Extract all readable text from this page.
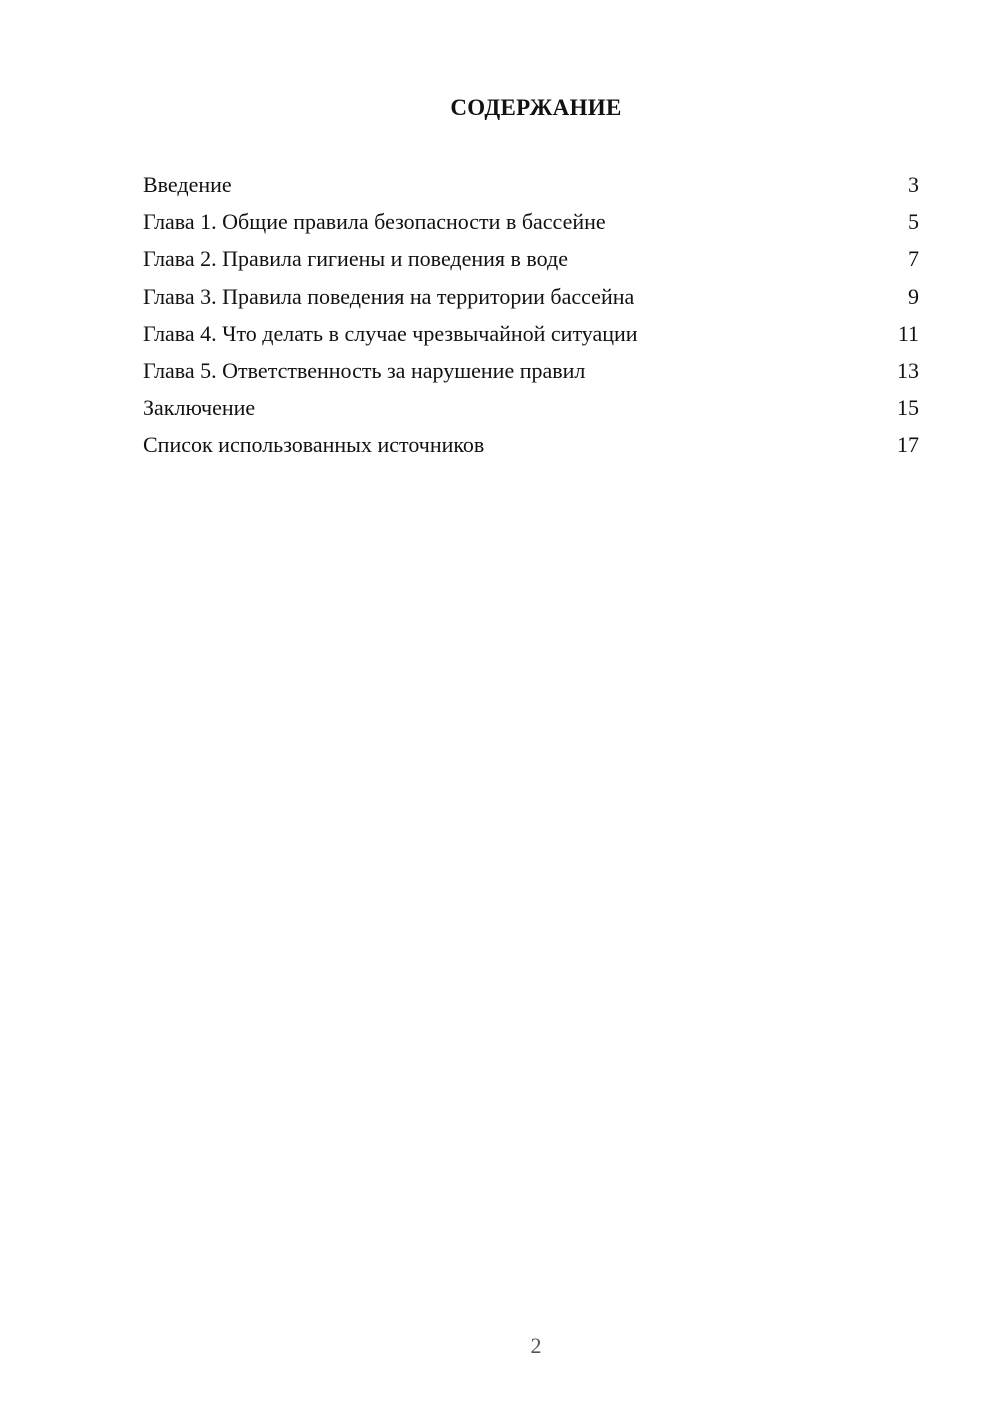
СОДЕРЖАНИЕ
Введение	3
Глава 1. Общие правила безопасности в бассейне	5
Глава 2. Правила гигиены и поведения в воде	7
Глава 3. Правила поведения на территории бассейна	9
Глава 4. Что делать в случае чрезвычайной ситуации	11
Глава 5. Ответственность за нарушение правил	13
Заключение	15
Список использованных источников	17
2
